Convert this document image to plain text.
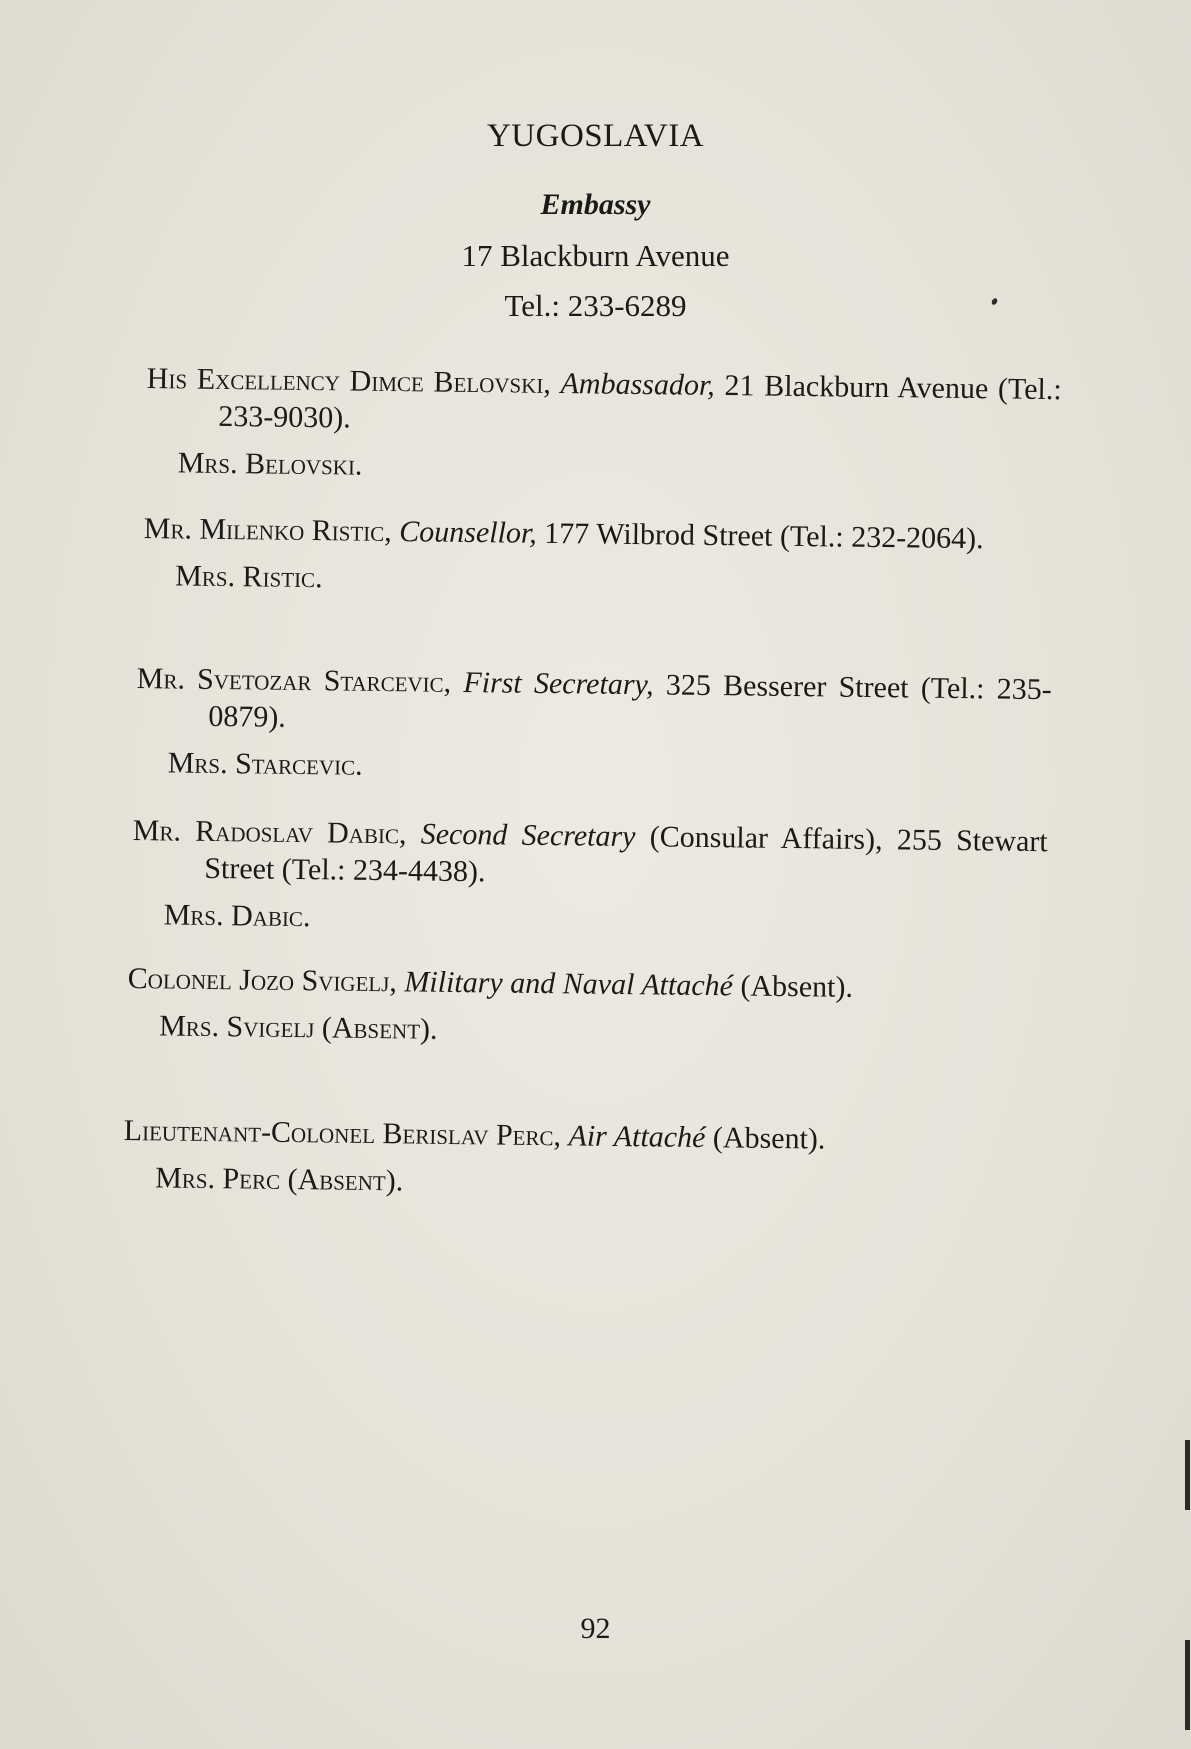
YUGOSLAVIA
Embassy
17 Blackburn Avenue
Tel.: 233-6289

His Excellency Dimce Belovski, Ambassador, 21 Blackburn Avenue (Tel.: 233-9030).

Mrs. Belovski.

Mr. Milenko Ristic, Counsellor, 177 Wilbrod Street (Tel.: 232-2064).

Mrs. Ristic.

Mr. Svetozar Starcevic, First Secretary, 325 Besserer Street (Tel.: 235-0879).

Mrs. Starcevic.

Mr. Radoslav Dabic, Second Secretary (Consular Affairs), 255 Stewart Street (Tel.: 234-4438).

Mrs. Dabic.

Colonel Jozo Svigelj, Military and Naval Attaché (Absent).

Mrs. Svigelj (Absent).

Lieutenant-Colonel Berislav Perc, Air Attaché (Absent).

Mrs. Perc (Absent).

92
